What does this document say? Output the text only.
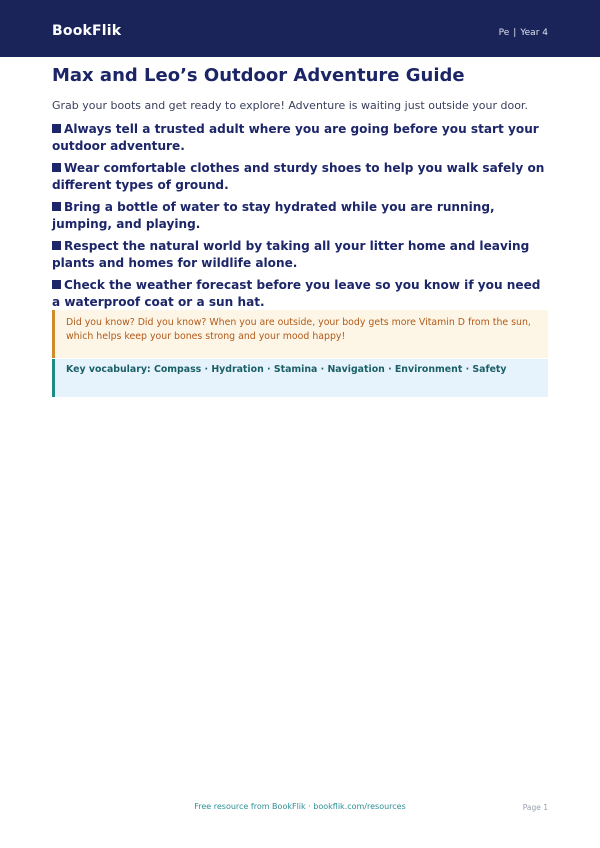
BookFlik	Pe | Year 4
Max and Leo’s Outdoor Adventure Guide

Grab your boots and get ready to explore! Adventure is waiting just outside your door.

Always tell a trusted adult where you are going before you start your outdoor adventure.
Wear comfortable clothes and sturdy shoes to help you walk safely on different types of ground.
Bring a bottle of water to stay hydrated while you are running, jumping, and playing.
Respect the natural world by taking all your litter home and leaving plants and homes for wildlife alone.
Check the weather forecast before you leave so you know if you need a waterproof coat or a sun hat.
Did you know? Did you know? When you are outside, your body gets more Vitamin D from the sun, which helps keep your bones strong and your mood happy!
Key vocabulary: Compass · Hydration · Stamina · Navigation · Environment · Safety
Free resource from BookFlik · bookflik.com/resources	Page 1
